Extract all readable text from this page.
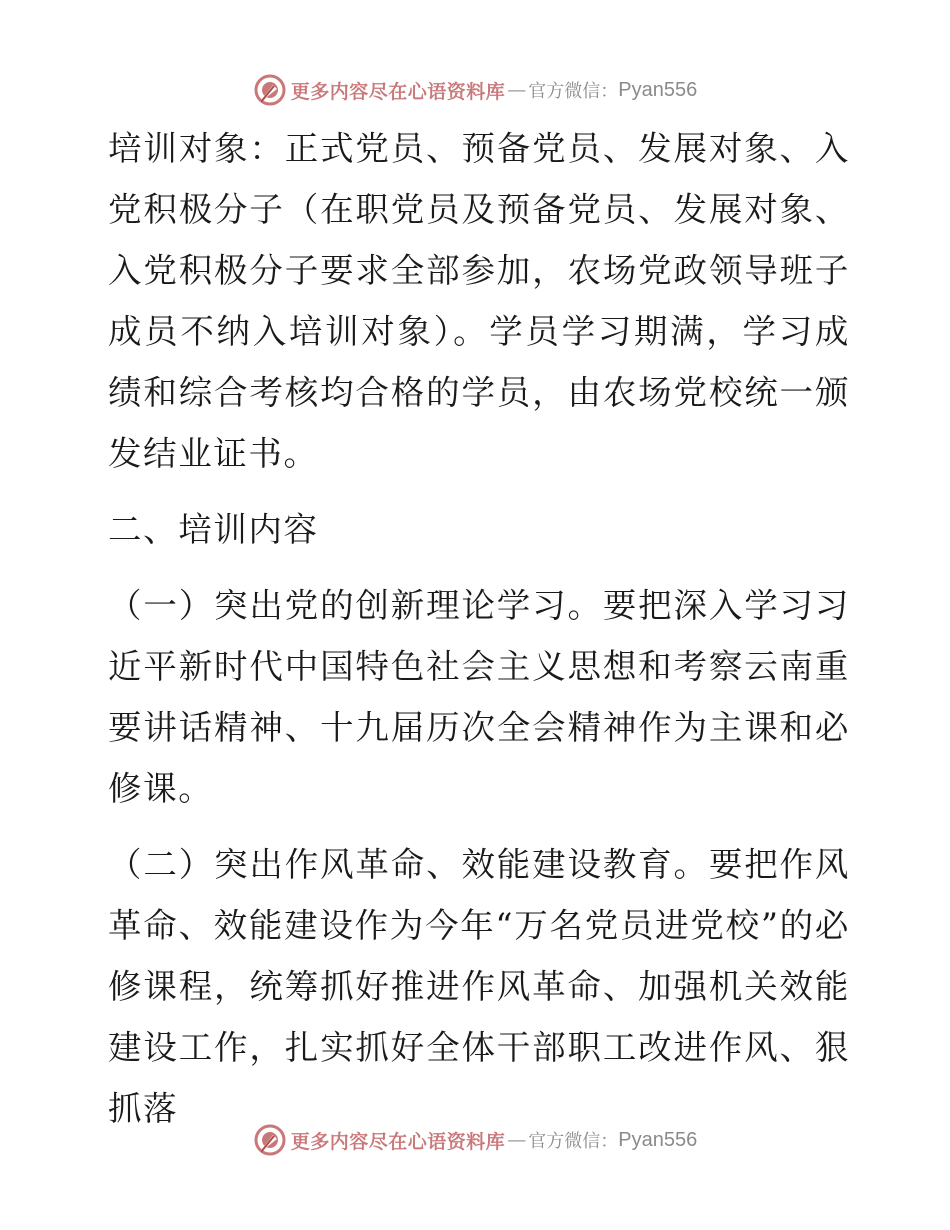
更多内容尽在心语资料库 — 官方微信： Pyan556

培训对象：正式党员、预备党员、发展对象、入党积极分子（在职党员及预备党员、发展对象、入党积极分子要求全部参加，农场党政领导班子成员不纳入培训对象）。学员学习期满，学习成绩和综合考核均合格的学员，由农场党校统一颁发结业证书。

二、培训内容

（一）突出党的创新理论学习。要把深入学习习近平新时代中国特色社会主义思想和考察云南重要讲话精神、十九届历次全会精神作为主课和必修课。

（二）突出作风革命、效能建设教育。要把作风革命、效能建设作为今年“万名党员进党校”的必修课程，统筹抓好推进作风革命、加强机关效能建设工作，扎实抓好全体干部职工改进作风、狠抓落

更多内容尽在心语资料库 — 官方微信： Pyan556
